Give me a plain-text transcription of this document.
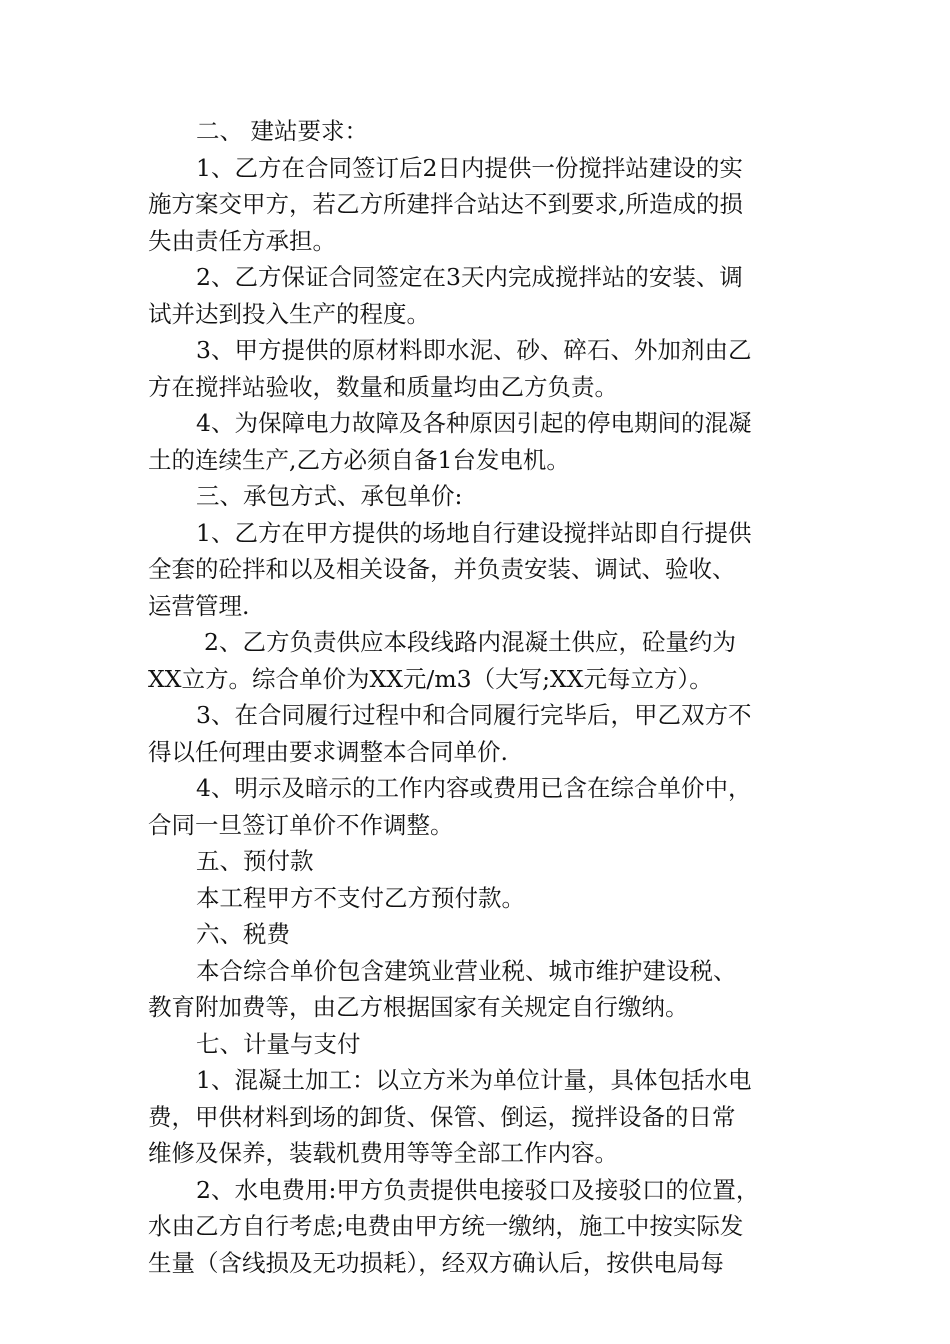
二、 建站要求：
1、乙方在合同签订后2日内提供一份搅拌站建设的实
施方案交甲方，若乙方所建拌合站达不到要求,所造成的损
失由责任方承担。
2、乙方保证合同签定在3天内完成搅拌站的安装、调
试并达到投入生产的程度。
3、甲方提供的原材料即水泥、砂、碎石、外加剂由乙
方在搅拌站验收，数量和质量均由乙方负责。
4、为保障电力故障及各种原因引起的停电期间的混凝
土的连续生产,乙方必须自备1台发电机。
三、承包方式、承包单价:
1、乙方在甲方提供的场地自行建设搅拌站即自行提供
全套的砼拌和以及相关设备，并负责安装、调试、验收、
运营管理.
2、乙方负责供应本段线路内混凝土供应，砼量约为
XX立方。综合单价为XX元/m3（大写;XX元每立方）。
3、在合同履行过程中和合同履行完毕后，甲乙双方不
得以任何理由要求调整本合同单价.
4、明示及暗示的工作内容或费用已含在综合单价中，
合同一旦签订单价不作调整。
五、预付款
本工程甲方不支付乙方预付款。
六、税费
本合综合单价包含建筑业营业税、城市维护建设税、
教育附加费等，由乙方根据国家有关规定自行缴纳。
七、计量与支付
1、混凝土加工：以立方米为单位计量，具体包括水电
费，甲供材料到场的卸货、保管、倒运，搅拌设备的日常
维修及保养，装载机费用等等全部工作内容。
2、水电费用:甲方负责提供电接驳口及接驳口的位置，
水由乙方自行考虑;电费由甲方统一缴纳，施工中按实际发
生量（含线损及无功损耗），经双方确认后，按供电局每
